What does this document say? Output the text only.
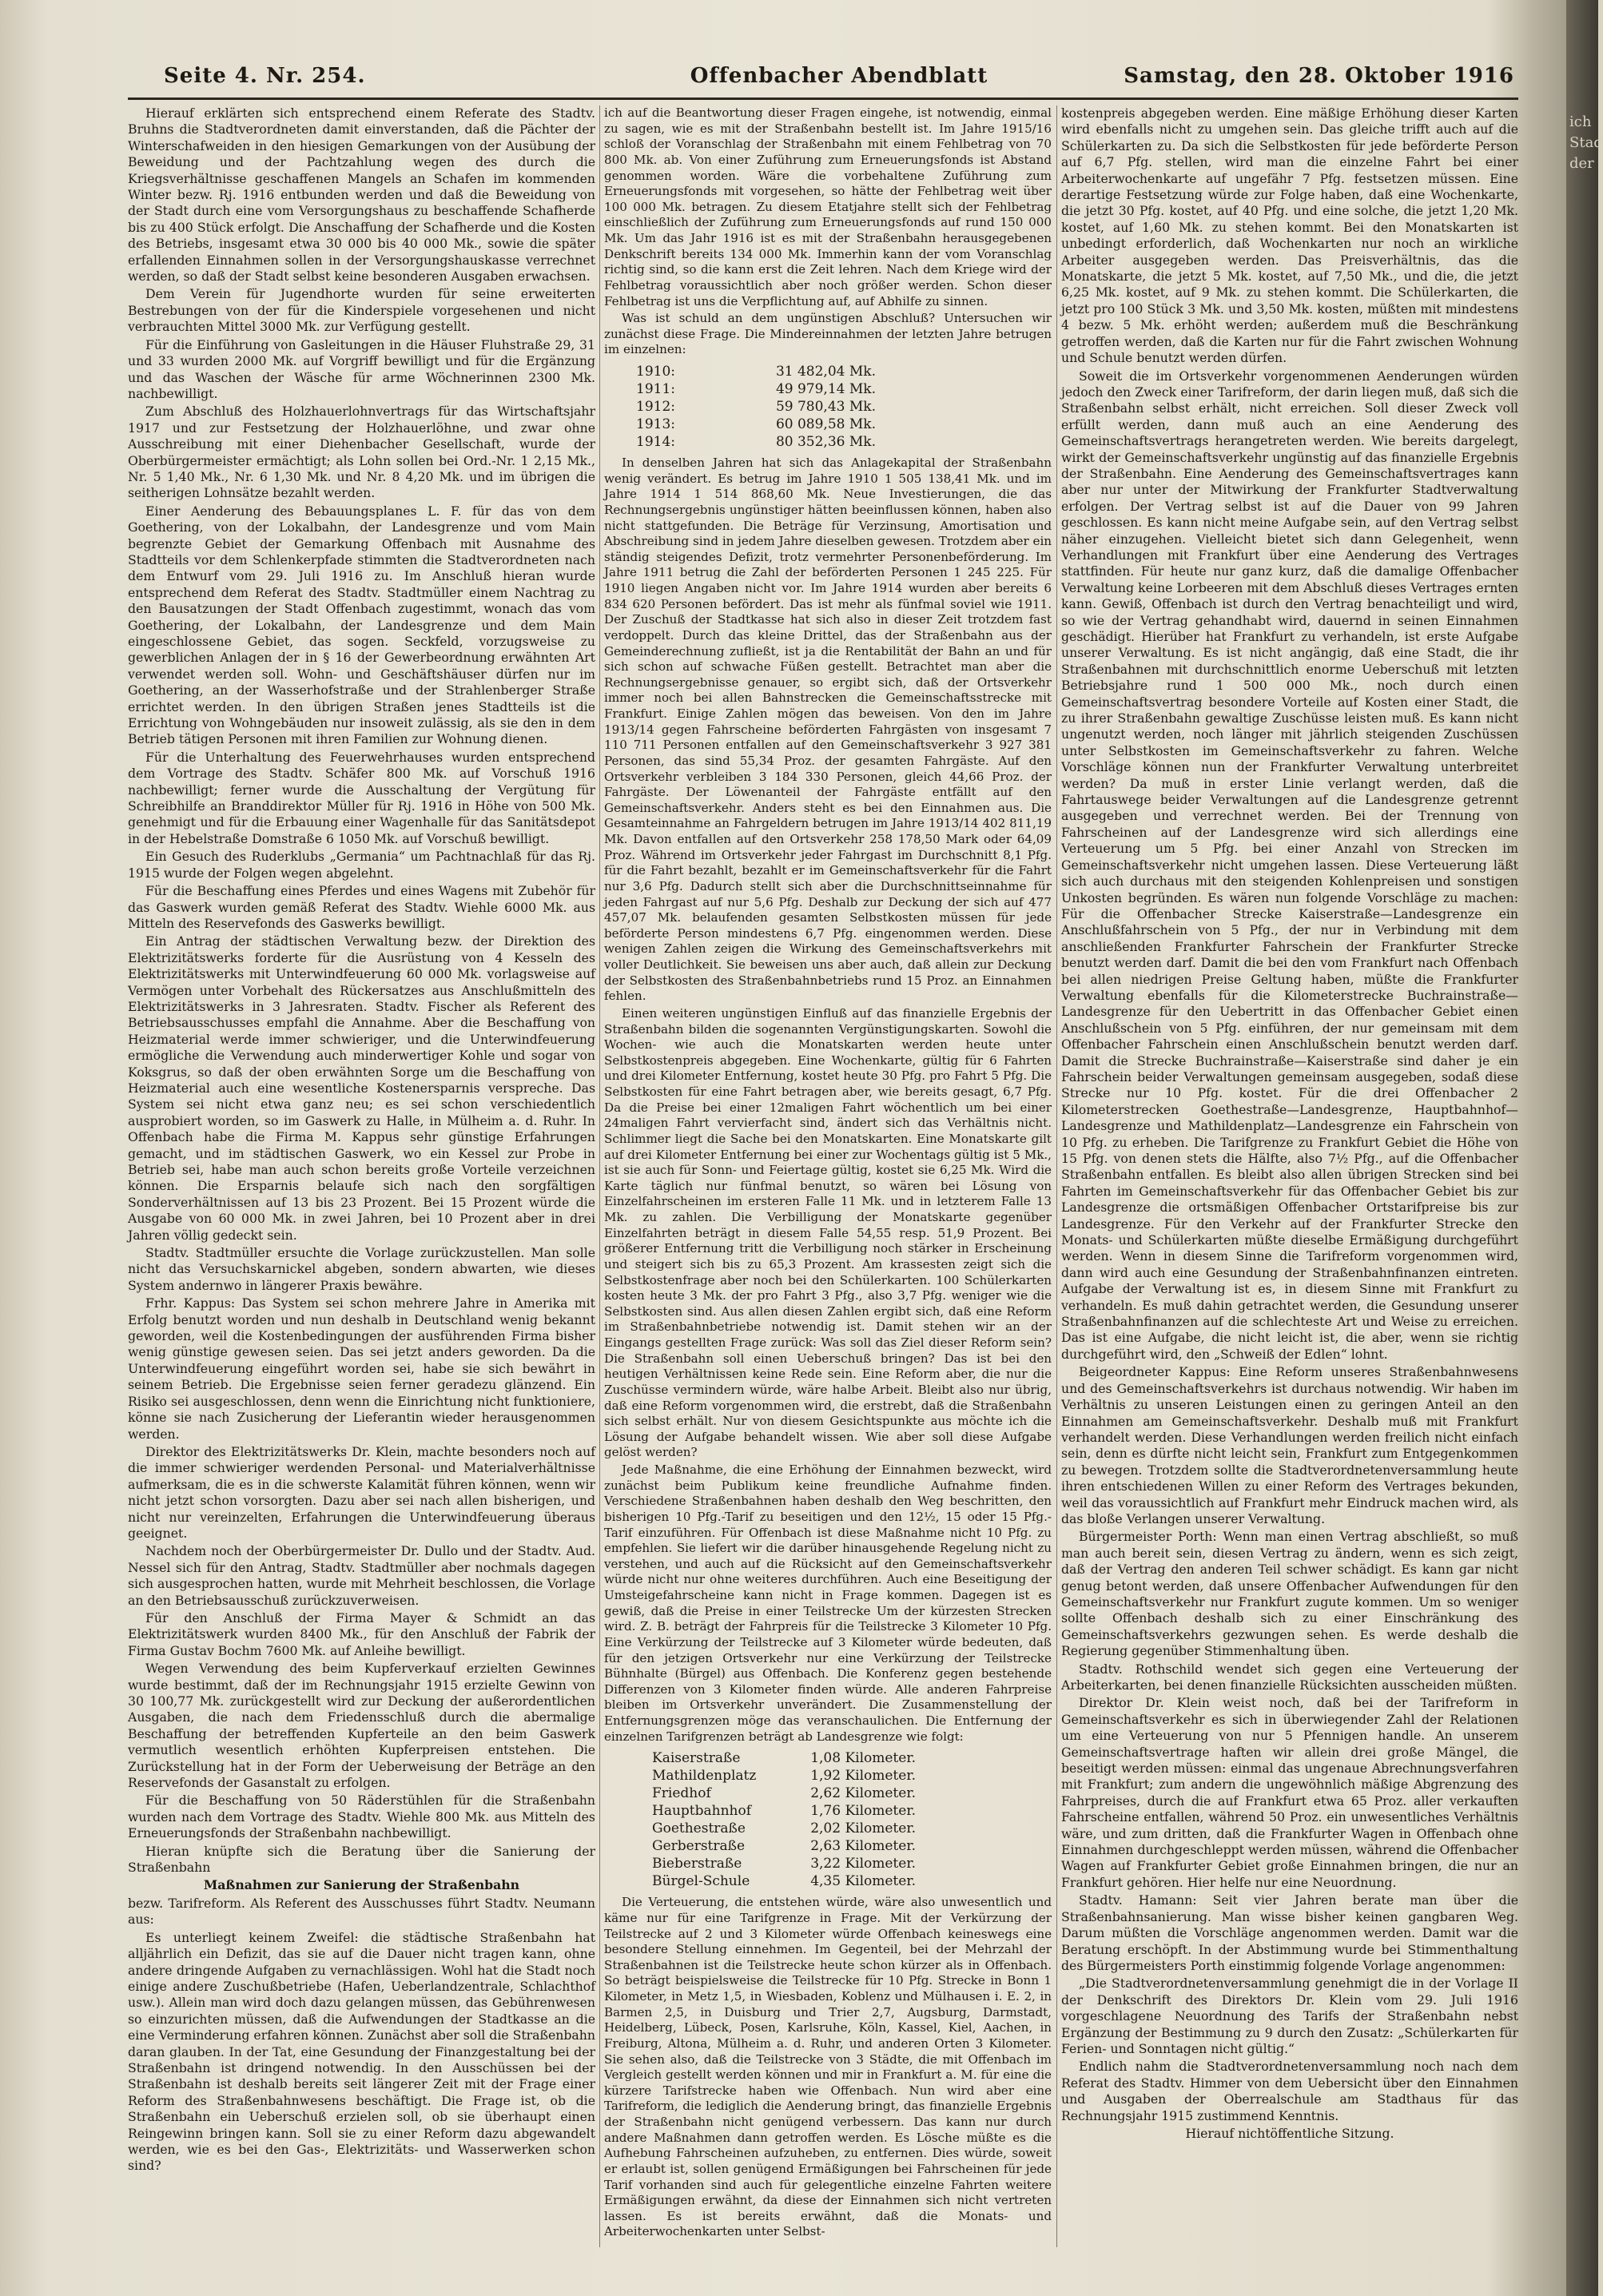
ich Stad der
Seite 4. Nr. 254.	Offenbacher Abendblatt	Samstag, den 28. Oktober 1916

Hierauf erklärten sich entsprechend einem Referate des Stadtv. Bruhns die Stadtverordneten damit einverstanden, daß die Pächter der Winterschafweiden in den hiesigen Gemarkungen von der Ausübung der Beweidung und der Pachtzahlung wegen des durch die Kriegsverhältnisse geschaffenen Mangels an Schafen im kommenden Winter bezw. Rj. 1916 entbunden werden und daß die Beweidung von der Stadt durch eine vom Versorgungshaus zu beschaffende Schafherde bis zu 400 Stück erfolgt. Die Anschaffung der Schafherde und die Kosten des Betriebs, insgesamt etwa 30 000 bis 40 000 Mk., sowie die später erfallenden Einnahmen sollen in der Versorgungshauskasse verrechnet werden, so daß der Stadt selbst keine besonderen Ausgaben erwachsen.

Dem Verein für Jugendhorte wurden für seine erweiterten Bestrebungen von der für die Kinderspiele vorgesehenen und nicht verbrauchten Mittel 3000 Mk. zur Verfügung gestellt.

Für die Einführung von Gasleitungen in die Häuser Fluhstraße 29, 31 und 33 wurden 2000 Mk. auf Vorgriff bewilligt und für die Ergänzung und das Waschen der Wäsche für arme Wöchnerinnen 2300 Mk. nachbewilligt.

Zum Abschluß des Holzhauerlohnvertrags für das Wirtschaftsjahr 1917 und zur Festsetzung der Holzhauerlöhne, und zwar ohne Ausschreibung mit einer Diehenbacher Gesellschaft, wurde der Oberbürgermeister ermächtigt; als Lohn sollen bei Ord.-Nr. 1 2,15 Mk., Nr. 5 1,40 Mk., Nr. 6 1,30 Mk. und Nr. 8 4,20 Mk. und im übrigen die seitherigen Lohnsätze bezahlt werden.

Einer Aenderung des Bebauungsplanes L. F. für das von dem Goethering, von der Lokalbahn, der Landesgrenze und vom Main begrenzte Gebiet der Gemarkung Offenbach mit Ausnahme des Stadtteils vor dem Schlenkerpfade stimmten die Stadtverordneten nach dem Entwurf vom 29. Juli 1916 zu. Im Anschluß hieran wurde entsprechend dem Referat des Stadtv. Stadtmüller einem Nachtrag zu den Bausatzungen der Stadt Offenbach zugestimmt, wonach das vom Goethering, der Lokalbahn, der Landesgrenze und dem Main eingeschlossene Gebiet, das sogen. Seckfeld, vorzugsweise zu gewerblichen Anlagen der in § 16 der Gewerbeordnung erwähnten Art verwendet werden soll. Wohn- und Geschäftshäuser dürfen nur im Goethering, an der Wasserhofstraße und der Strahlenberger Straße errichtet werden. In den übrigen Straßen jenes Stadtteils ist die Errichtung von Wohngebäuden nur insoweit zulässig, als sie den in dem Betrieb tätigen Personen mit ihren Familien zur Wohnung dienen.

Für die Unterhaltung des Feuerwehrhauses wurden entsprechend dem Vortrage des Stadtv. Schäfer 800 Mk. auf Vorschuß 1916 nachbewilligt; ferner wurde die Ausschaltung der Vergütung für Schreibhilfe an Branddirektor Müller für Rj. 1916 in Höhe von 500 Mk. genehmigt und für die Erbauung einer Wagenhalle für das Sanitätsdepot in der Hebelstraße Domstraße 6 1050 Mk. auf Vorschuß bewilligt.

Ein Gesuch des Ruderklubs „Germania“ um Pachtnachlaß für das Rj. 1915 wurde der Folgen wegen abgelehnt.

Für die Beschaffung eines Pferdes und eines Wagens mit Zubehör für das Gaswerk wurden gemäß Referat des Stadtv. Wiehle 6000 Mk. aus Mitteln des Reservefonds des Gaswerks bewilligt.

Ein Antrag der städtischen Verwaltung bezw. der Direktion des Elektrizitätswerks forderte für die Ausrüstung von 4 Kesseln des Elektrizitätswerks mit Unterwindfeuerung 60 000 Mk. vorlagsweise auf Vermögen unter Vorbehalt des Rückersatzes aus Anschlußmitteln des Elektrizitätswerks in 3 Jahresraten. Stadtv. Fischer als Referent des Betriebsausschusses empfahl die Annahme. Aber die Beschaffung von Heizmaterial werde immer schwieriger, und die Unterwindfeuerung ermögliche die Verwendung auch minderwertiger Kohle und sogar von Koksgrus, so daß der oben erwähnten Sorge um die Beschaffung von Heizmaterial auch eine wesentliche Kostenersparnis verspreche. Das System sei nicht etwa ganz neu; es sei schon verschiedentlich ausprobiert worden, so im Gaswerk zu Halle, in Mülheim a. d. Ruhr. In Offenbach habe die Firma M. Kappus sehr günstige Erfahrungen gemacht, und im städtischen Gaswerk, wo ein Kessel zur Probe in Betrieb sei, habe man auch schon bereits große Vorteile verzeichnen können. Die Ersparnis belaufe sich nach den sorgfältigen Sonderverhältnissen auf 13 bis 23 Prozent. Bei 15 Prozent würde die Ausgabe von 60 000 Mk. in zwei Jahren, bei 10 Prozent aber in drei Jahren völlig gedeckt sein.

Stadtv. Stadtmüller ersuchte die Vorlage zurückzustellen. Man solle nicht das Versuchskarnickel abgeben, sondern abwarten, wie dieses System andernwo in längerer Praxis bewähre.

Frhr. Kappus: Das System sei schon mehrere Jahre in Amerika mit Erfolg benutzt worden und nun deshalb in Deutschland wenig bekannt geworden, weil die Kostenbedingungen der ausführenden Firma bisher wenig günstige gewesen seien. Das sei jetzt anders geworden. Da die Unterwindfeuerung eingeführt worden sei, habe sie sich bewährt in seinem Betrieb. Die Ergebnisse seien ferner geradezu glänzend. Ein Risiko sei ausgeschlossen, denn wenn die Einrichtung nicht funktioniere, könne sie nach Zusicherung der Lieferantin wieder herausgenommen werden.

Direktor des Elektrizitätswerks Dr. Klein, machte besonders noch auf die immer schwieriger werdenden Personal- und Materialverhältnisse aufmerksam, die es in die schwerste Kalamität führen können, wenn wir nicht jetzt schon vorsorgten. Dazu aber sei nach allen bisherigen, und nicht nur vereinzelten, Erfahrungen die Unterwindfeuerung überaus geeignet.

Nachdem noch der Oberbürgermeister Dr. Dullo und der Stadtv. Aud. Nessel sich für den Antrag, Stadtv. Stadtmüller aber nochmals dagegen sich ausgesprochen hatten, wurde mit Mehrheit beschlossen, die Vorlage an den Betriebsausschuß zurückzuverweisen.

Für den Anschluß der Firma Mayer & Schmidt an das Elektrizitätswerk wurden 8400 Mk., für den Anschluß der Fabrik der Firma Gustav Bochm 7600 Mk. auf Anleihe bewilligt.

Wegen Verwendung des beim Kupferverkauf erzielten Gewinnes wurde bestimmt, daß der im Rechnungsjahr 1915 erzielte Gewinn von 30 100,77 Mk. zurückgestellt wird zur Deckung der außerordentlichen Ausgaben, die nach dem Friedensschluß durch die abermalige Beschaffung der betreffenden Kupferteile an den beim Gaswerk vermutlich wesentlich erhöhten Kupferpreisen entstehen. Die Zurückstellung hat in der Form der Ueberweisung der Beträge an den Reservefonds der Gasanstalt zu erfolgen.

Für die Beschaffung von 50 Räderstühlen für die Straßenbahn wurden nach dem Vortrage des Stadtv. Wiehle 800 Mk. aus Mitteln des Erneuerungsfonds der Straßenbahn nachbewilligt.

Hieran knüpfte sich die Beratung über die Sanierung der Straßenbahn

Maßnahmen zur Sanierung der Straßenbahn

bezw. Tarifreform. Als Referent des Ausschusses führt Stadtv. Neumann aus:

Es unterliegt keinem Zweifel: die städtische Straßenbahn hat alljährlich ein Defizit, das sie auf die Dauer nicht tragen kann, ohne andere dringende Aufgaben zu vernachlässigen. Wohl hat die Stadt noch einige andere Zuschußbetriebe (Hafen, Ueberlandzentrale, Schlachthof usw.). Allein man wird doch dazu gelangen müssen, das Gebührenwesen so einzurichten müssen, daß die Aufwendungen der Stadtkasse an die eine Verminderung erfahren können. Zunächst aber soll die Straßenbahn daran glauben. In der Tat, eine Gesundung der Finanzgestaltung bei der Straßenbahn ist dringend notwendig. In den Ausschüssen bei der Straßenbahn ist deshalb bereits seit längerer Zeit mit der Frage einer Reform des Straßenbahnwesens beschäftigt. Die Frage ist, ob die Straßenbahn ein Ueberschuß erzielen soll, ob sie überhaupt einen Reingewinn bringen kann. Soll sie zu einer Reform dazu abgewandelt werden, wie es bei den Gas-, Elektrizitäts- und Wasserwerken schon sind?

ich auf die Beantwortung dieser Fragen eingehe, ist notwendig, einmal zu sagen, wie es mit der Straßenbahn bestellt ist. Im Jahre 1915/16 schloß der Voranschlag der Straßenbahn mit einem Fehlbetrag von 70 800 Mk. ab. Von einer Zuführung zum Erneuerungsfonds ist Abstand genommen worden. Wäre die vorbehaltene Zuführung zum Erneuerungsfonds mit vorgesehen, so hätte der Fehlbetrag weit über 100 000 Mk. betragen. Zu diesem Etatjahre stellt sich der Fehlbetrag einschließlich der Zuführung zum Erneuerungsfonds auf rund 150 000 Mk. Um das Jahr 1916 ist es mit der Straßenbahn herausgegebenen Denkschrift bereits 134 000 Mk. Immerhin kann der vom Voranschlag richtig sind, so die kann erst die Zeit lehren. Nach dem Kriege wird der Fehlbetrag voraussichtlich aber noch größer werden. Schon dieser Fehlbetrag ist uns die Verpflichtung auf, auf Abhilfe zu sinnen.

Was ist schuld an dem ungünstigen Abschluß? Untersuchen wir zunächst diese Frage. Die Mindereinnahmen der letzten Jahre betrugen im einzelnen:

1910:	31 482,04 Mk.
1911:	49 979,14 Mk.
1912:	59 780,43 Mk.
1913:	60 089,58 Mk.
1914:	80 352,36 Mk.

In denselben Jahren hat sich das Anlagekapital der Straßenbahn wenig verändert. Es betrug im Jahre 1910 1 505 138,41 Mk. und im Jahre 1914 1 514 868,60 Mk. Neue Investierungen, die das Rechnungsergebnis ungünstiger hätten beeinflussen können, haben also nicht stattgefunden. Die Beträge für Verzinsung, Amortisation und Abschreibung sind in jedem Jahre dieselben gewesen. Trotzdem aber ein ständig steigendes Defizit, trotz vermehrter Personenbeförderung. Im Jahre 1911 betrug die Zahl der beförderten Personen 1 245 225. Für 1910 liegen Angaben nicht vor. Im Jahre 1914 wurden aber bereits 6 834 620 Personen befördert. Das ist mehr als fünfmal soviel wie 1911. Der Zuschuß der Stadtkasse hat sich also in dieser Zeit trotzdem fast verdoppelt. Durch das kleine Drittel, das der Straßenbahn aus der Gemeinderechnung zufließt, ist ja die Rentabilität der Bahn an und für sich schon auf schwache Füßen gestellt. Betrachtet man aber die Rechnungsergebnisse genauer, so ergibt sich, daß der Ortsverkehr immer noch bei allen Bahnstrecken die Gemeinschaftsstrecke mit Frankfurt. Einige Zahlen mögen das beweisen. Von den im Jahre 1913/14 gegen Fahrscheine beförderten Fahrgästen von insgesamt 7 110 711 Personen entfallen auf den Gemeinschaftsverkehr 3 927 381 Personen, das sind 55,34 Proz. der gesamten Fahrgäste. Auf den Ortsverkehr verbleiben 3 184 330 Personen, gleich 44,66 Proz. der Fahrgäste. Der Löwenanteil der Fahrgäste entfällt auf den Gemeinschaftsverkehr. Anders steht es bei den Einnahmen aus. Die Gesamteinnahme an Fahrgeldern betrugen im Jahre 1913/14 402 811,19 Mk. Davon entfallen auf den Ortsverkehr 258 178,50 Mark oder 64,09 Proz. Während im Ortsverkehr jeder Fahrgast im Durchschnitt 8,1 Pfg. für die Fahrt bezahlt, bezahlt er im Gemeinschaftsverkehr für die Fahrt nur 3,6 Pfg. Dadurch stellt sich aber die Durchschnittseinnahme für jeden Fahrgast auf nur 5,6 Pfg. Deshalb zur Deckung der sich auf 477 457,07 Mk. belaufenden gesamten Selbstkosten müssen für jede beförderte Person mindestens 6,7 Pfg. eingenommen werden. Diese wenigen Zahlen zeigen die Wirkung des Gemeinschaftsverkehrs mit voller Deutlichkeit. Sie beweisen uns aber auch, daß allein zur Deckung der Selbstkosten des Straßenbahnbetriebs rund 15 Proz. an Einnahmen fehlen.

Einen weiteren ungünstigen Einfluß auf das finanzielle Ergebnis der Straßenbahn bilden die sogenannten Vergünstigungskarten. Sowohl die Wochen- wie auch die Monatskarten werden heute unter Selbstkostenpreis abgegeben. Eine Wochenkarte, gültig für 6 Fahrten und drei Kilometer Entfernung, kostet heute 30 Pfg. pro Fahrt 5 Pfg. Die Selbstkosten für eine Fahrt betragen aber, wie bereits gesagt, 6,7 Pfg. Da die Preise bei einer 12maligen Fahrt wöchentlich um bei einer 24maligen Fahrt vervierfacht sind, ändert sich das Verhältnis nicht. Schlimmer liegt die Sache bei den Monatskarten. Eine Monatskarte gilt auf drei Kilometer Entfernung bei einer zur Wochentags gültig ist 5 Mk., ist sie auch für Sonn- und Feiertage gültig, kostet sie 6,25 Mk. Wird die Karte täglich nur fünfmal benutzt, so wären bei Lösung von Einzelfahrscheinen im ersteren Falle 11 Mk. und in letzterem Falle 13 Mk. zu zahlen. Die Verbilligung der Monatskarte gegenüber Einzelfahrten beträgt in diesem Falle 54,55 resp. 51,9 Prozent. Bei größerer Entfernung tritt die Verbilligung noch stärker in Erscheinung und steigert sich bis zu 65,3 Prozent. Am krassesten zeigt sich die Selbstkostenfrage aber noch bei den Schülerkarten. 100 Schülerkarten kosten heute 3 Mk. der pro Fahrt 3 Pfg., also 3,7 Pfg. weniger wie die Selbstkosten sind. Aus allen diesen Zahlen ergibt sich, daß eine Reform im Straßenbahnbetriebe notwendig ist. Damit stehen wir an der Eingangs gestellten Frage zurück: Was soll das Ziel dieser Reform sein? Die Straßenbahn soll einen Ueberschuß bringen? Das ist bei den heutigen Verhältnissen keine Rede sein. Eine Reform aber, die nur die Zuschüsse vermindern würde, wäre halbe Arbeit. Bleibt also nur übrig, daß eine Reform vorgenommen wird, die erstrebt, daß die Straßenbahn sich selbst erhält. Nur von diesem Gesichtspunkte aus möchte ich die Lösung der Aufgabe behandelt wissen. Wie aber soll diese Aufgabe gelöst werden?

Jede Maßnahme, die eine Erhöhung der Einnahmen bezweckt, wird zunächst beim Publikum keine freundliche Aufnahme finden. Verschiedene Straßenbahnen haben deshalb den Weg beschritten, den bisherigen 10 Pfg.-Tarif zu beseitigen und den 12½, 15 oder 15 Pfg.-Tarif einzuführen. Für Offenbach ist diese Maßnahme nicht 10 Pfg. zu empfehlen. Sie liefert wir die darüber hinausgehende Regelung nicht zu verstehen, und auch auf die Rücksicht auf den Gemeinschaftsverkehr würde nicht nur ohne weiteres durchführen. Auch eine Beseitigung der Umsteigefahrscheine kann nicht in Frage kommen. Dagegen ist es gewiß, daß die Preise in einer Teilstrecke Um der kürzesten Strecken wird. Z. B. beträgt der Fahrpreis für die Teilstrecke 3 Kilometer 10 Pfg. Eine Verkürzung der Teilstrecke auf 3 Kilometer würde bedeuten, daß für den jetzigen Ortsverkehr nur eine Verkürzung der Teilstrecke Bühnhalte (Bürgel) aus Offenbach. Die Konferenz gegen bestehende Differenzen von 3 Kilometer finden würde. Alle anderen Fahrpreise bleiben im Ortsverkehr unverändert. Die Zusammenstellung der Entfernungsgrenzen möge das veranschaulichen. Die Entfernung der einzelnen Tarifgrenzen beträgt ab Landesgrenze wie folgt:

Kaiserstraße	1,08 Kilometer.
Mathildenplatz	1,92 Kilometer.
Friedhof	2,62 Kilometer.
Hauptbahnhof	1,76 Kilometer.
Goethestraße	2,02 Kilometer.
Gerberstraße	2,63 Kilometer.
Bieberstraße	3,22 Kilometer.
Bürgel-Schule	4,35 Kilometer.

Die Verteuerung, die entstehen würde, wäre also unwesentlich und käme nur für eine Tarifgrenze in Frage. Mit der Verkürzung der Teilstrecke auf 2 und 3 Kilometer würde Offenbach keineswegs eine besondere Stellung einnehmen. Im Gegenteil, bei der Mehrzahl der Straßenbahnen ist die Teilstrecke heute schon kürzer als in Offenbach. So beträgt beispielsweise die Teilstrecke für 10 Pfg. Strecke in Bonn 1 Kilometer, in Metz 1,5, in Wiesbaden, Koblenz und Mülhausen i. E. 2, in Barmen 2,5, in Duisburg und Trier 2,7, Augsburg, Darmstadt, Heidelberg, Lübeck, Posen, Karlsruhe, Köln, Kassel, Kiel, Aachen, in Freiburg, Altona, Mülheim a. d. Ruhr, und anderen Orten 3 Kilometer. Sie sehen also, daß die Teilstrecke von 3 Städte, die mit Offenbach im Vergleich gestellt werden können und mir in Frankfurt a. M. für eine die kürzere Tarifstrecke haben wie Offenbach. Nun wird aber eine Tarifreform, die lediglich die Aenderung bringt, das finanzielle Ergebnis der Straßenbahn nicht genügend verbessern. Das kann nur durch andere Maßnahmen dann getroffen werden. Es Lösche müßte es die Aufhebung Fahrscheinen aufzuheben, zu entfernen. Dies würde, soweit er erlaubt ist, sollen genügend Ermäßigungen bei Fahrscheinen für jede Tarif vorhanden sind auch für gelegentliche einzelne Fahrten weitere Ermäßigungen erwähnt, da diese der Einnahmen sich nicht vertreten lassen. Es ist bereits erwähnt, daß die Monats- und Arbeiterwochenkarten unter Selbst-

kostenpreis abgegeben werden. Eine mäßige Erhöhung dieser Karten wird ebenfalls nicht zu umgehen sein. Das gleiche trifft auch auf die Schülerkarten zu. Da sich die Selbstkosten für jede beförderte Person auf 6,7 Pfg. stellen, wird man die einzelne Fahrt bei einer Arbeiterwochenkarte auf ungefähr 7 Pfg. festsetzen müssen. Eine derartige Festsetzung würde zur Folge haben, daß eine Wochenkarte, die jetzt 30 Pfg. kostet, auf 40 Pfg. und eine solche, die jetzt 1,20 Mk. kostet, auf 1,60 Mk. zu stehen kommt. Bei den Monatskarten ist unbedingt erforderlich, daß Wochenkarten nur noch an wirkliche Arbeiter ausgegeben werden. Das Preisverhältnis, das die Monatskarte, die jetzt 5 Mk. kostet, auf 7,50 Mk., und die, die jetzt 6,25 Mk. kostet, auf 9 Mk. zu stehen kommt. Die Schülerkarten, die jetzt pro 100 Stück 3 Mk. und 3,50 Mk. kosten, müßten mit mindestens 4 bezw. 5 Mk. erhöht werden; außerdem muß die Beschränkung getroffen werden, daß die Karten nur für die Fahrt zwischen Wohnung und Schule benutzt werden dürfen.

Soweit die im Ortsverkehr vorgenommenen Aenderungen würden jedoch den Zweck einer Tarifreform, der darin liegen muß, daß sich die Straßenbahn selbst erhält, nicht erreichen. Soll dieser Zweck voll erfüllt werden, dann muß auch an eine Aenderung des Gemeinschaftsvertrags herangetreten werden. Wie bereits dargelegt, wirkt der Gemeinschaftsverkehr ungünstig auf das finanzielle Ergebnis der Straßenbahn. Eine Aenderung des Gemeinschaftsvertrages kann aber nur unter der Mitwirkung der Frankfurter Stadtverwaltung erfolgen. Der Vertrag selbst ist auf die Dauer von 99 Jahren geschlossen. Es kann nicht meine Aufgabe sein, auf den Vertrag selbst näher einzugehen. Vielleicht bietet sich dann Gelegenheit, wenn Verhandlungen mit Frankfurt über eine Aenderung des Vertrages stattfinden. Für heute nur ganz kurz, daß die damalige Offenbacher Verwaltung keine Lorbeeren mit dem Abschluß dieses Vertrages ernten kann. Gewiß, Offenbach ist durch den Vertrag benachteiligt und wird, so wie der Vertrag gehandhabt wird, dauernd in seinen Einnahmen geschädigt. Hierüber hat Frankfurt zu verhandeln, ist erste Aufgabe unserer Verwaltung. Es ist nicht angängig, daß eine Stadt, die ihr Straßenbahnen mit durchschnittlich enorme Ueberschuß mit letzten Betriebsjahre rund 1 500 000 Mk., noch durch einen Gemeinschaftsvertrag besondere Vorteile auf Kosten einer Stadt, die zu ihrer Straßenbahn gewaltige Zuschüsse leisten muß. Es kann nicht ungenutzt werden, noch länger mit jährlich steigenden Zuschüssen unter Selbstkosten im Gemeinschaftsverkehr zu fahren. Welche Vorschläge können nun der Frankfurter Verwaltung unterbreitet werden? Da muß in erster Linie verlangt werden, daß die Fahrtauswege beider Verwaltungen auf die Landesgrenze getrennt ausgegeben und verrechnet werden. Bei der Trennung von Fahrscheinen auf der Landesgrenze wird sich allerdings eine Verteuerung um 5 Pfg. bei einer Anzahl von Strecken im Gemeinschaftsverkehr nicht umgehen lassen. Diese Verteuerung läßt sich auch durchaus mit den steigenden Kohlenpreisen und sonstigen Unkosten begründen. Es wären nun folgende Vorschläge zu machen: Für die Offenbacher Strecke Kaiserstraße—Landesgrenze ein Anschlußfahrschein von 5 Pfg., der nur in Verbindung mit dem anschließenden Frankfurter Fahrschein der Frankfurter Strecke benutzt werden darf. Damit die bei den vom Frankfurt nach Offenbach bei allen niedrigen Preise Geltung haben, müßte die Frankfurter Verwaltung ebenfalls für die Kilometerstrecke Buchrainstraße—Landesgrenze für den Uebertritt in das Offenbacher Gebiet einen Anschlußschein von 5 Pfg. einführen, der nur gemeinsam mit dem Offenbacher Fahrschein einen Anschlußschein benutzt werden darf. Damit die Strecke Buchrainstraße—Kaiserstraße sind daher je ein Fahrschein beider Verwaltungen gemeinsam ausgegeben, sodaß diese Strecke nur 10 Pfg. kostet. Für die drei Offenbacher 2 Kilometerstrecken Goethestraße—Landesgrenze, Hauptbahnhof—Landesgrenze und Mathildenplatz—Landesgrenze ein Fahrschein von 10 Pfg. zu erheben. Die Tarifgrenze zu Frankfurt Gebiet die Höhe von 15 Pfg. von denen stets die Hälfte, also 7½ Pfg., auf die Offenbacher Straßenbahn entfallen. Es bleibt also allen übrigen Strecken sind bei Fahrten im Gemeinschaftsverkehr für das Offenbacher Gebiet bis zur Landesgrenze die ortsmäßigen Offenbacher Ortstarifpreise bis zur Landesgrenze. Für den Verkehr auf der Frankfurter Strecke den Monats- und Schülerkarten müßte dieselbe Ermäßigung durchgeführt werden. Wenn in diesem Sinne die Tarifreform vorgenommen wird, dann wird auch eine Gesundung der Straßenbahnfinanzen eintreten. Aufgabe der Verwaltung ist es, in diesem Sinne mit Frankfurt zu verhandeln. Es muß dahin getrachtet werden, die Gesundung unserer Straßenbahnfinanzen auf die schlechteste Art und Weise zu erreichen. Das ist eine Aufgabe, die nicht leicht ist, die aber, wenn sie richtig durchgeführt wird, den „Schweiß der Edlen“ lohnt.

Beigeordneter Kappus: Eine Reform unseres Straßenbahnwesens und des Gemeinschaftsverkehrs ist durchaus notwendig. Wir haben im Verhältnis zu unseren Leistungen einen zu geringen Anteil an den Einnahmen am Gemeinschaftsverkehr. Deshalb muß mit Frankfurt verhandelt werden. Diese Verhandlungen werden freilich nicht einfach sein, denn es dürfte nicht leicht sein, Frankfurt zum Entgegenkommen zu bewegen. Trotzdem sollte die Stadtverordnetenversammlung heute ihren entschiedenen Willen zu einer Reform des Vertrages bekunden, weil das voraussichtlich auf Frankfurt mehr Eindruck machen wird, als das bloße Verlangen unserer Verwaltung.

Bürgermeister Porth: Wenn man einen Vertrag abschließt, so muß man auch bereit sein, diesen Vertrag zu ändern, wenn es sich zeigt, daß der Vertrag den anderen Teil schwer schädigt. Es kann gar nicht genug betont werden, daß unsere Offenbacher Aufwendungen für den Gemeinschaftsverkehr nur Frankfurt zugute kommen. Um so weniger sollte Offenbach deshalb sich zu einer Einschränkung des Gemeinschaftsverkehrs gezwungen sehen. Es werde deshalb die Regierung gegenüber Stimmenhaltung üben.

Stadtv. Rothschild wendet sich gegen eine Verteuerung der Arbeiterkarten, bei denen finanzielle Rücksichten ausscheiden müßten.

Direktor Dr. Klein weist noch, daß bei der Tarifreform in Gemeinschaftsverkehr es sich in überwiegender Zahl der Relationen um eine Verteuerung von nur 5 Pfennigen handle. An unserem Gemeinschaftsvertrage haften wir allein drei große Mängel, die beseitigt werden müssen: einmal das ungenaue Abrechnungsverfahren mit Frankfurt; zum andern die ungewöhnlich mäßige Abgrenzung des Fahrpreises, durch die auf Frankfurt etwa 65 Proz. aller verkauften Fahrscheine entfallen, während 50 Proz. ein unwesentliches Verhältnis wäre, und zum dritten, daß die Frankfurter Wagen in Offenbach ohne Einnahmen durchgeschleppt werden müssen, während die Offenbacher Wagen auf Frankfurter Gebiet große Einnahmen bringen, die nur an Frankfurt gehören. Hier helfe nur eine Neuordnung.

Stadtv. Hamann: Seit vier Jahren berate man über die Straßenbahnsanierung. Man wisse bisher keinen gangbaren Weg. Darum müßten die Vorschläge angenommen werden. Damit war die Beratung erschöpft. In der Abstimmung wurde bei Stimmenthaltung des Bürgermeisters Porth einstimmig folgende Vorlage angenommen:

„Die Stadtverordnetenversammlung genehmigt die in der Vorlage II der Denkschrift des Direktors Dr. Klein vom 29. Juli 1916 vorgeschlagene Neuordnung des Tarifs der Straßenbahn nebst Ergänzung der Bestimmung zu 9 durch den Zusatz: „Schülerkarten für Ferien- und Sonntagen nicht gültig.“

Endlich nahm die Stadtverordnetenversammlung noch nach dem Referat des Stadtv. Himmer von dem Uebersicht über den Einnahmen und Ausgaben der Oberrealschule am Stadthaus für das Rechnungsjahr 1915 zustimmend Kenntnis.

Hierauf nichtöffentliche Sitzung.
